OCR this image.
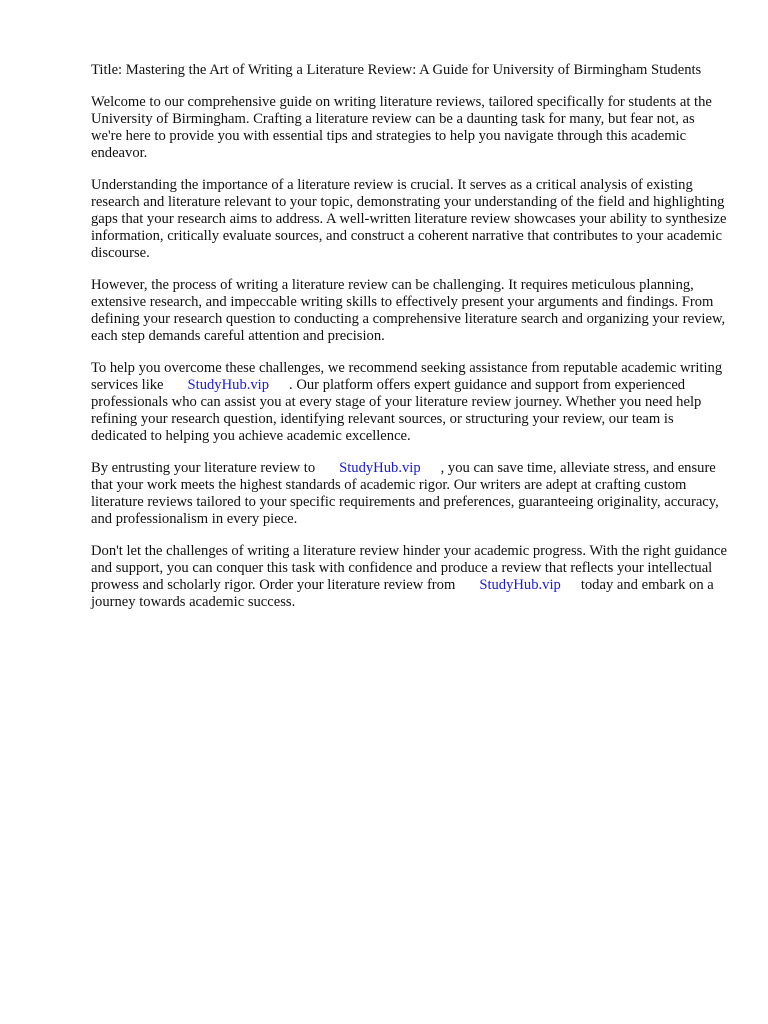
Title: Mastering the Art of Writing a Literature Review: A Guide for University of Birmingham Students

Welcome to our comprehensive guide on writing literature reviews, tailored specifically for students at the University of Birmingham. Crafting a literature review can be a daunting task for many, but fear not, as we're here to provide you with essential tips and strategies to help you navigate through this academic endeavor.

Understanding the importance of a literature review is crucial. It serves as a critical analysis of existing research and literature relevant to your topic, demonstrating your understanding of the field and highlighting gaps that your research aims to address. A well-written literature review showcases your ability to synthesize information, critically evaluate sources, and construct a coherent narrative that contributes to your academic discourse.

However, the process of writing a literature review can be challenging. It requires meticulous planning, extensive research, and impeccable writing skills to effectively present your arguments and findings. From defining your research question to conducting a comprehensive literature search and organizing your review, each step demands careful attention and precision.

To help you overcome these challenges, we recommend seeking assistance from reputable academic writing services like StudyHub.vip . Our platform offers expert guidance and support from experienced professionals who can assist you at every stage of your literature review journey. Whether you need help refining your research question, identifying relevant sources, or structuring your review, our team is dedicated to helping you achieve academic excellence.

By entrusting your literature review to StudyHub.vip , you can save time, alleviate stress, and ensure that your work meets the highest standards of academic rigor. Our writers are adept at crafting custom literature reviews tailored to your specific requirements and preferences, guaranteeing originality, accuracy, and professionalism in every piece.

Don't let the challenges of writing a literature review hinder your academic progress. With the right guidance and support, you can conquer this task with confidence and produce a review that reflects your intellectual prowess and scholarly rigor. Order your literature review from StudyHub.vip today and embark on a journey towards academic success.
